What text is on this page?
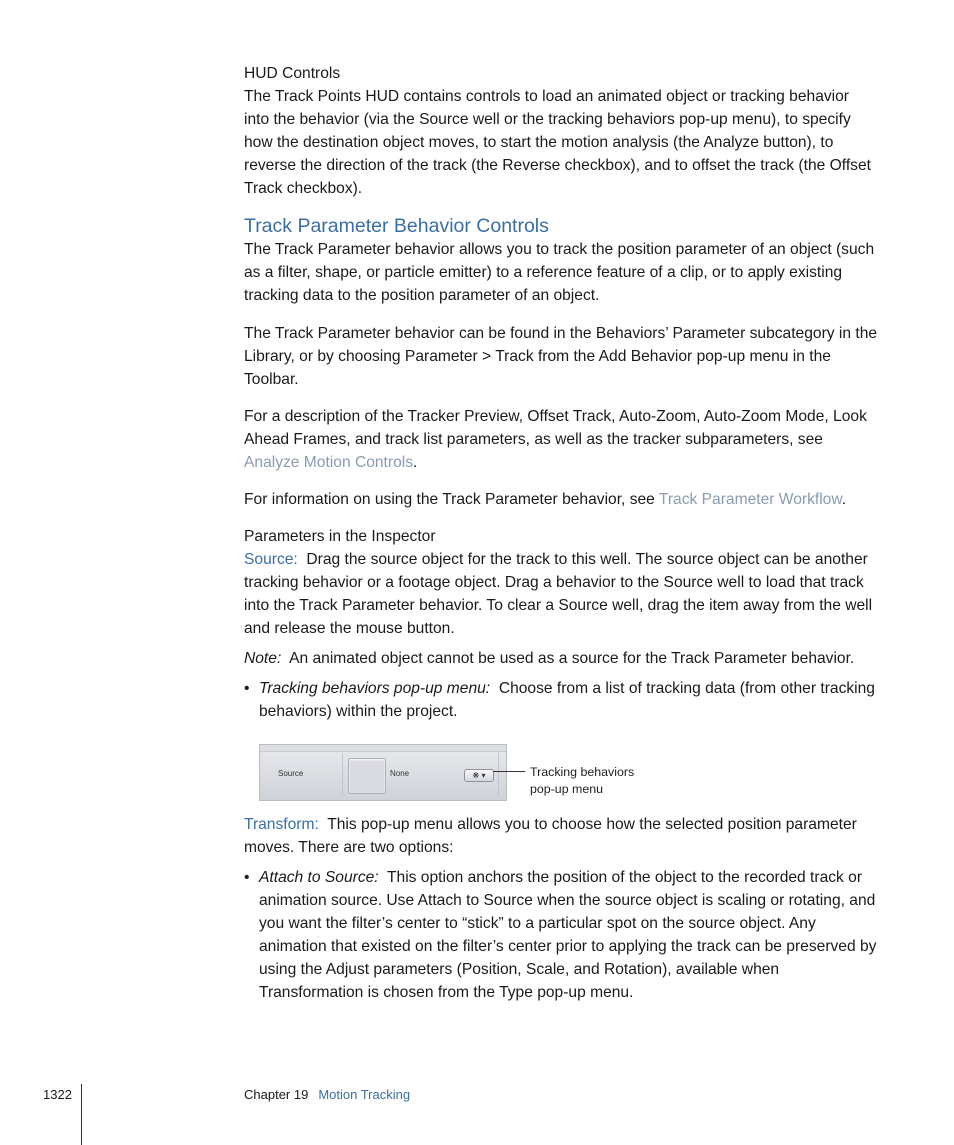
HUD Controls

The Track Points HUD contains controls to load an animated object or tracking behavior into the behavior (via the Source well or the tracking behaviors pop-up menu), to specify how the destination object moves, to start the motion analysis (the Analyze button), to reverse the direction of the track (the Reverse checkbox), and to offset the track (the Offset Track checkbox).

Track Parameter Behavior Controls

The Track Parameter behavior allows you to track the position parameter of an object (such as a filter, shape, or particle emitter) to a reference feature of a clip, or to apply existing tracking data to the position parameter of an object.

The Track Parameter behavior can be found in the Behaviors’ Parameter subcategory in the Library, or by choosing Parameter > Track from the Add Behavior pop-up menu in the Toolbar.

For a description of the Tracker Preview, Offset Track, Auto-Zoom, Auto-Zoom Mode, Look Ahead Frames, and track list parameters, as well as the tracker subparameters, see Analyze Motion Controls.

For information on using the Track Parameter behavior, see Track Parameter Workflow.

Parameters in the Inspector

Source: Drag the source object for the track to this well. The source object can be another tracking behavior or a footage object. Drag a behavior to the Source well to load that track into the Track Parameter behavior. To clear a Source well, drag the item away from the well and release the mouse button.

Note: An animated object cannot be used as a source for the Track Parameter behavior.

• Tracking behaviors pop-up menu: Choose from a list of tracking data (from other tracking behaviors) within the project.

Source	None	❋ ▾	Tracking behaviors
pop-up menu

Transform: This pop-up menu allows you to choose how the selected position parameter moves. There are two options:

• Attach to Source: This option anchors the position of the object to the recorded track or animation source. Use Attach to Source when the source object is scaling or rotating, and you want the filter’s center to “stick” to a particular spot on the source object. Any animation that existed on the filter’s center prior to applying the track can be preserved by using the Adjust parameters (Position, Scale, and Rotation), available when Transformation is chosen from the Type pop-up menu.

1322	Chapter 19 Motion Tracking
